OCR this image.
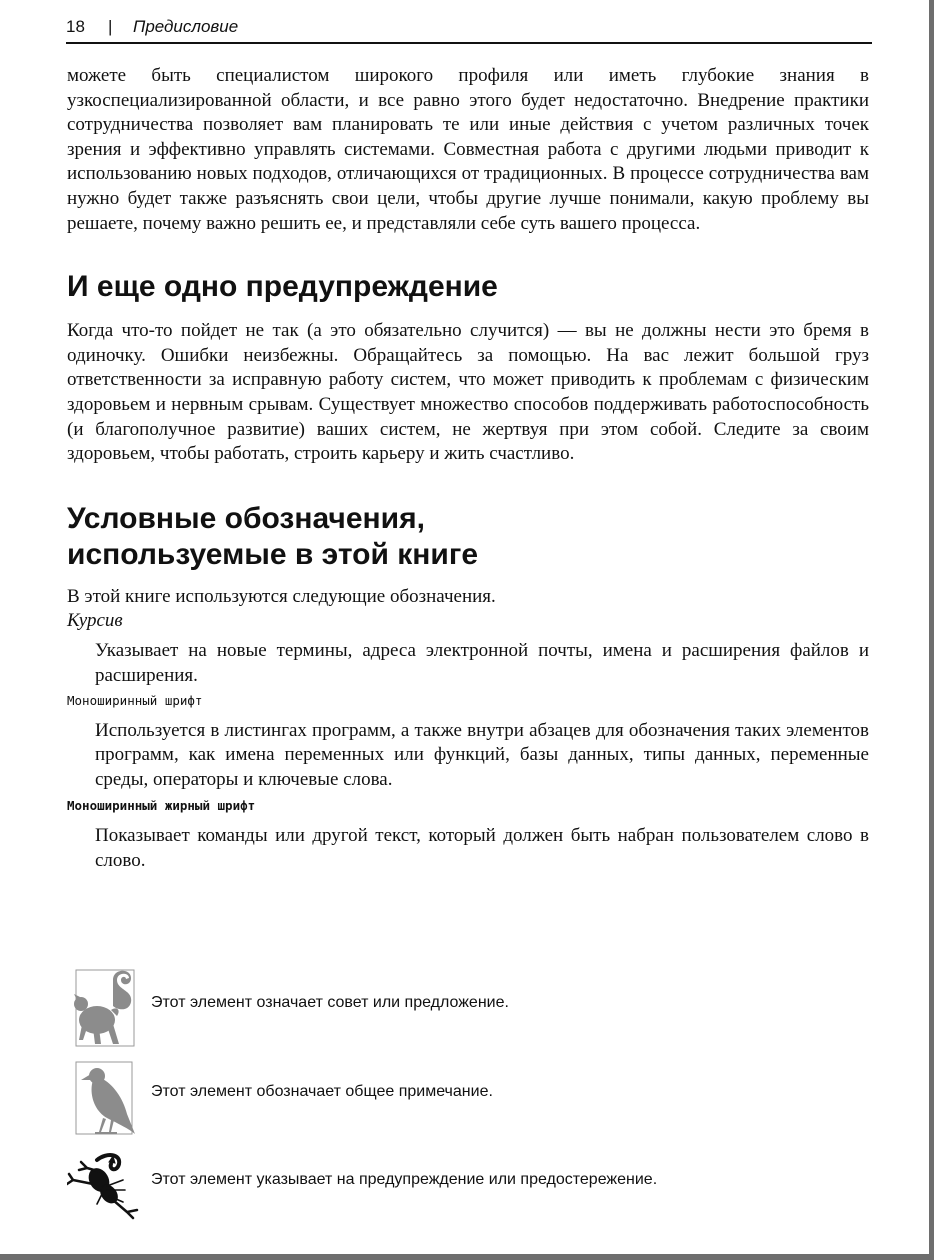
18 | Предисловие

можете быть специалистом широкого профиля или иметь глубокие знания в узкоспециализированной области, и все равно этого будет недостаточно. Внедрение практики сотрудничества позволяет вам планировать те или иные действия с учетом различных точек зрения и эффективно управлять системами. Совместная работа с другими людьми приводит к использованию новых подходов, отличающихся от традиционных. В процессе сотрудничества вам нужно будет также разъяснять свои цели, чтобы другие лучше понимали, какую проблему вы решаете, почему важно решить ее, и представляли себе суть вашего процесса.

И еще одно предупреждение

Когда что-то пойдет не так (а это обязательно случится) — вы не должны нести это бремя в одиночку. Ошибки неизбежны. Обращайтесь за помощью. На вас лежит большой груз ответственности за исправную работу систем, что может приводить к проблемам с физическим здоровьем и нервным срывам. Существует множество способов поддерживать работоспособность (и благополучное развитие) ваших систем, не жертвуя при этом собой. Следите за своим здоровьем, чтобы работать, строить карьеру и жить счастливо.

Условные обозначения,
используемые в этой книге

В этой книге используются следующие обозначения.

Курсив

Указывает на новые термины, адреса электронной почты, имена и расширения файлов и расширения.

Моноширинный шрифт

Используется в листингах программ, а также внутри абзацев для обозначения таких элементов программ, как имена переменных или функций, базы данных, типы данных, переменные среды, операторы и ключевые слова.

Моноширинный жирный шрифт

Показывает команды или другой текст, который должен быть набран пользователем слово в слово.

Этот элемент означает совет или предложение.
Этот элемент обозначает общее примечание.
Этот элемент указывает на предупреждение или предостережение.
